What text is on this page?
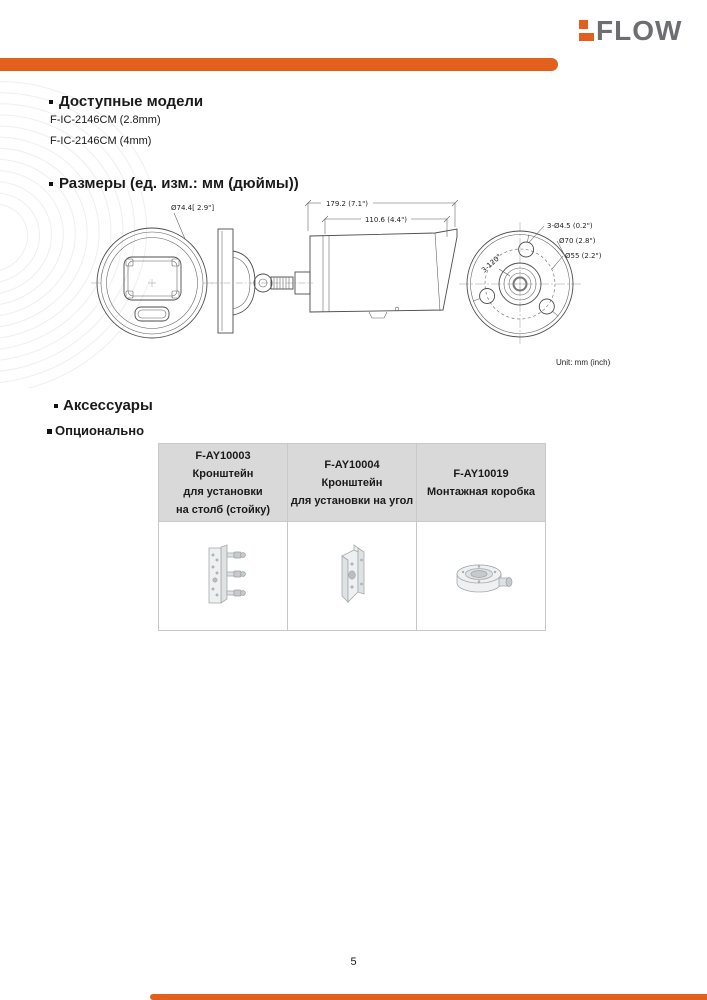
FLOW
Доступные модели
F-IC-2146CM (2.8mm)
F-IC-2146CM (4mm)
Размеры (ед. изм.: мм (дюймы))
Ø74.4[ 2.9"]	179.2 (7.1")
110.6 (4.4")
3-120°
3-Ø4.5 (0.2")
Ø70 (2.8")
Ø55 (2.2")
Unit: mm (inch)
Аксессуары
Опционально
F-AY10003
Кронштейн
для установки
на столб (стойку)
F-AY10004
Кронштейн
для установки на угол
F-AY10019
Монтажная коробка
5
